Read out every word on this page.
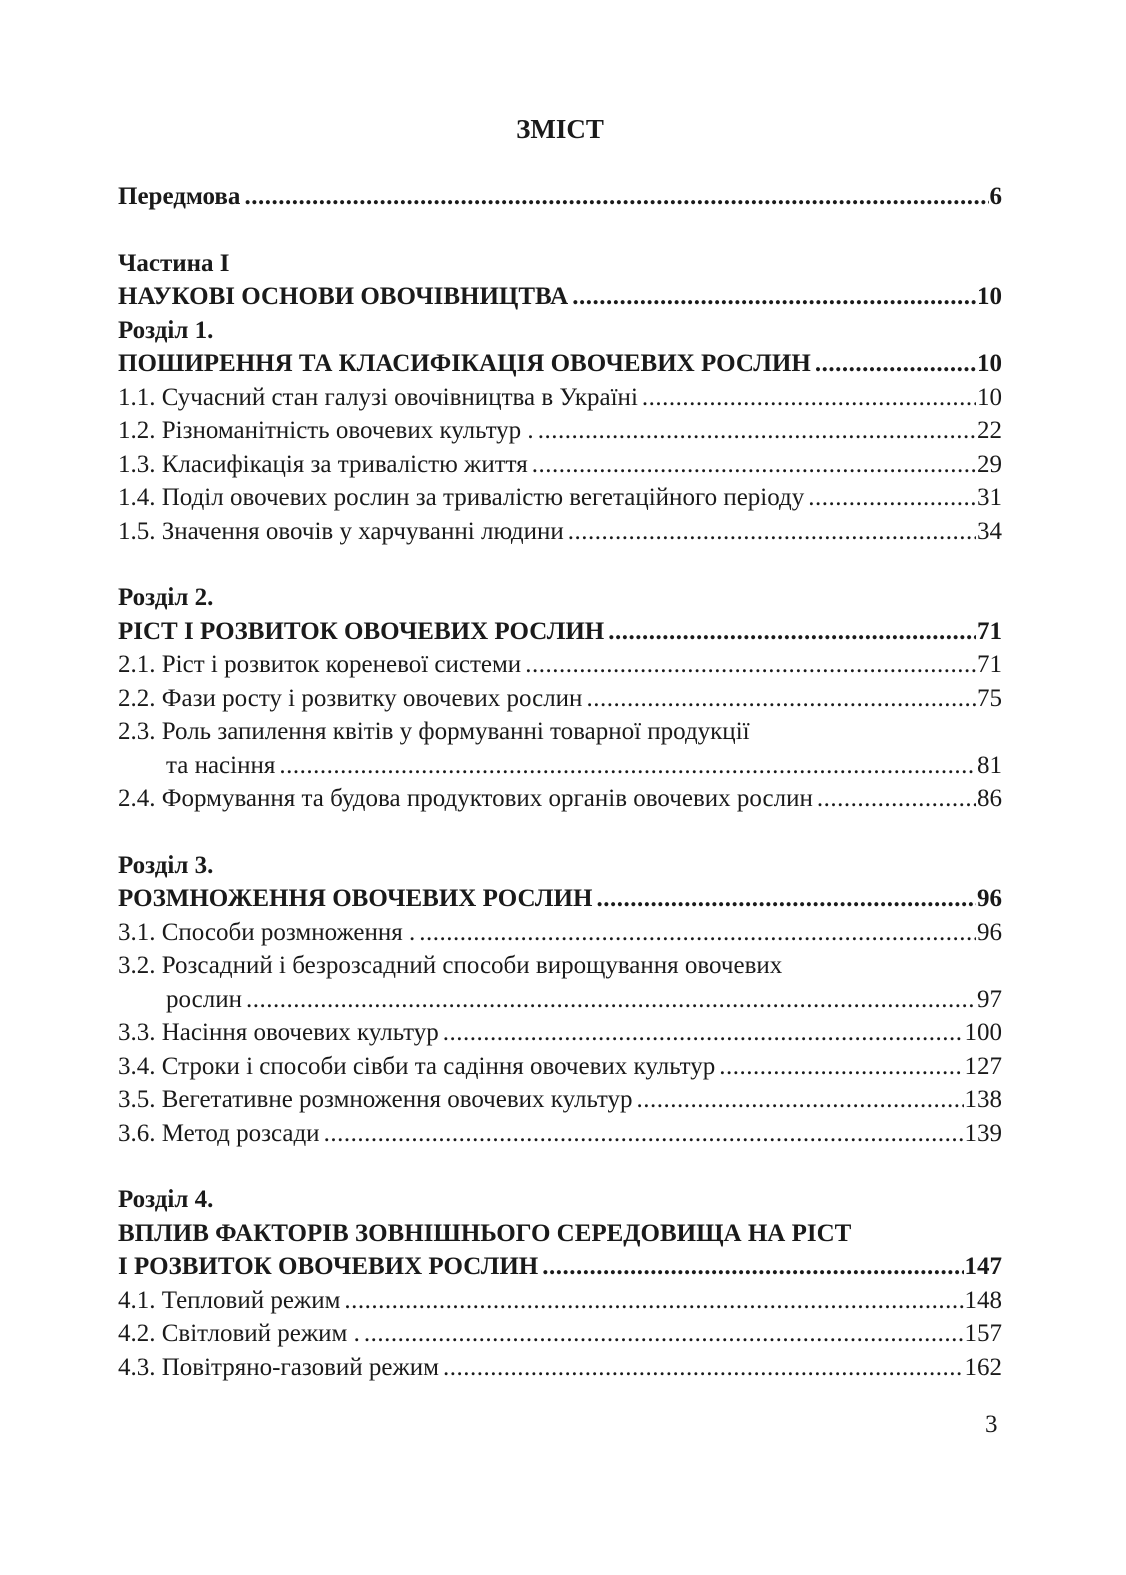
ЗМІСТ
Передмова .....	6
Частина I
НАУКОВІ ОСНОВИ ОВОЧІВНИЦТВА .....	10
Розділ 1.
ПОШИРЕННЯ ТА КЛАСИФІКАЦІЯ ОВОЧЕВИХ РОСЛИН .....	10
1.1. Сучасний стан галузі овочівництва в Україні .....	10
1.2. Різноманітність овочевих культур . .....	22
1.3. Класифікація за тривалістю життя .....	29
1.4. Поділ овочевих рослин за тривалістю вегетаційного періоду .....	31
1.5. Значення овочів у харчуванні людини .....	34
Розділ 2.
РІСТ І РОЗВИТОК ОВОЧЕВИХ РОСЛИН .....	71
2.1. Ріст і розвиток кореневої системи .....	71
2.2. Фази росту і розвитку овочевих рослин .....	75
2.3. Роль запилення квітів у формуванні товарної продукції
та насіння .....	81
2.4. Формування та будова продуктових органів овочевих рослин .....	86
Розділ 3.
РОЗМНОЖЕННЯ ОВОЧЕВИХ РОСЛИН .....	96
3.1. Способи розмноження . .....	96
3.2. Розсадний і безрозсадний способи вирощування овочевих
рослин .....	97
3.3. Насіння овочевих культур .....	100
3.4. Строки і способи сівби та садіння овочевих культур .....	127
3.5. Вегетативне розмноження овочевих культур .....	138
3.6. Метод розсади .....	139
Розділ 4.
ВПЛИВ ФАКТОРІВ ЗОВНІШНЬОГО СЕРЕДОВИЩА НА РІСТ
І РОЗВИТОК ОВОЧЕВИХ РОСЛИН .....	147
4.1. Тепловий режим .....	148
4.2. Світловий режим . .....	157
4.3. Повітряно-газовий режим .....	162
3
